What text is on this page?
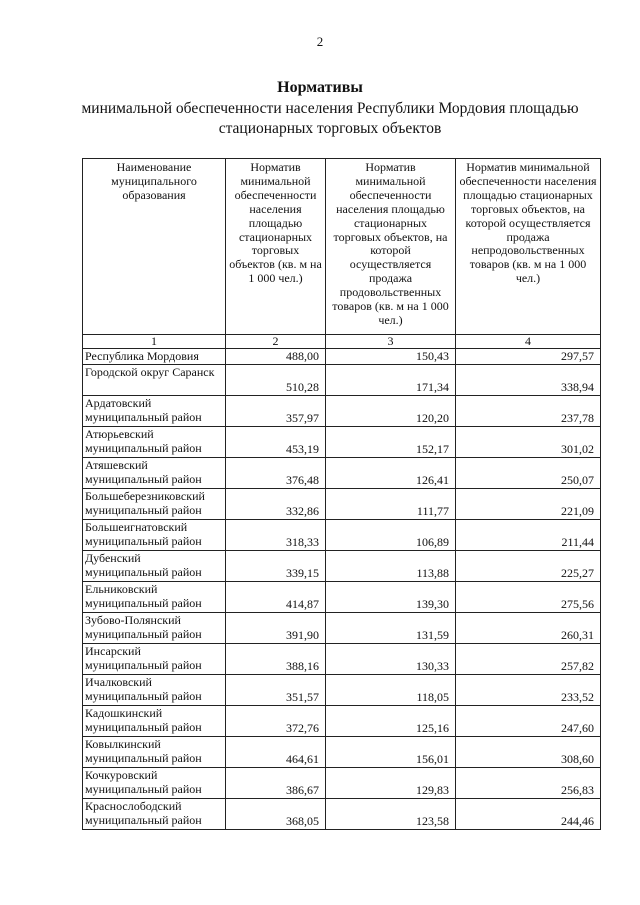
2
Нормативы
минимальной обеспеченности населения Республики Мордовия площадью стационарных торговых объектов
Наименование муниципального образования	Норматив минимальной обеспеченности населения площадью стационарных торговых объектов (кв. м на 1 000 чел.)	Норматив минимальной обеспеченности населения площадью стационарных торговых объектов, на которой осуществляется продажа продовольственных товаров (кв. м на 1 000 чел.)	Норматив минимальной обеспеченности населения площадью стационарных торговых объектов, на которой осуществляется продажа непродовольственных товаров (кв. м на 1 000 чел.)
1	2	3	4
Республика Мордовия	488,00	150,43	297,57
Городской округ Саранск	510,28	171,34	338,94
Ардатовский муниципальный район	357,97	120,20	237,78
Атюрьевский муниципальный район	453,19	152,17	301,02
Атяшевский муниципальный район	376,48	126,41	250,07
Большеберезниковский муниципальный район	332,86	111,77	221,09
Большеигнатовский муниципальный район	318,33	106,89	211,44
Дубенский муниципальный район	339,15	113,88	225,27
Ельниковский муниципальный район	414,87	139,30	275,56
Зубово-Полянский муниципальный район	391,90	131,59	260,31
Инсарский муниципальный район	388,16	130,33	257,82
Ичалковский муниципальный район	351,57	118,05	233,52
Кадошкинский муниципальный район	372,76	125,16	247,60
Ковылкинский муниципальный район	464,61	156,01	308,60
Кочкуровский муниципальный район	386,67	129,83	256,83
Краснослободский муниципальный район	368,05	123,58	244,46
